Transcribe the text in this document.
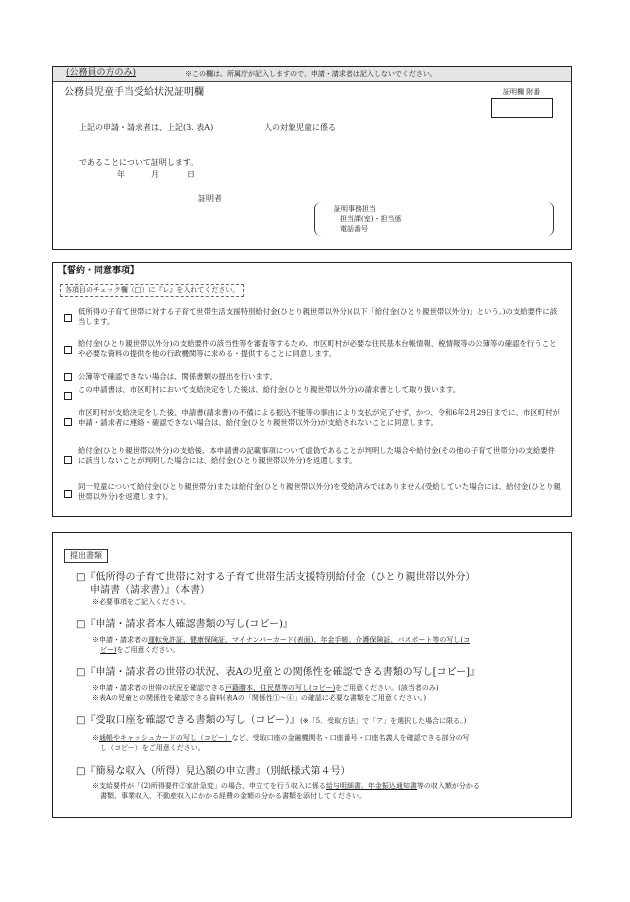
(公務員の方のみ)	※この欄は、所属庁が記入しますので、申請・請求者は記入しないでください。
公務員児童手当受給状況証明欄	証明欄 附番
上記の申請・請求者は、上記(3. 表A)	人の対象児童に係る
であることについて証明します。
年	月	日
証明者
証明事務担当
担当課(室)・担当係
電話番号
【誓約・同意事項】
各項目のチェック欄（□）に『レ』を入れてください。
低所得の子育て世帯に対する子育て世帯生活支援特別給付金(ひとり親世帯以外分)(以下「給付金(ひとり親世帯以外分)」という。)の支給要件に該当します。
給付金(ひとり親世帯以外分)の支給要件の該当性等を審査等するため、市区町村が必要な住民基本台帳情報、税情報等の公簿等の確認を行うことや必要な資料の提供を他の行政機関等に求める・提供することに同意します。
公簿等で確認できない場合は、関係書類の提出を行います。
この申請書は、市区町村において支給決定をした後は、給付金(ひとり親世帯以外分)の請求書として取り扱います。
市区町村が支給決定をした後、申請書(請求書)の不備による振込不能等の事由により支払が完了せず、かつ、令和6年2月29日までに、市区町村が申請・請求者に連絡・確認できない場合は、給付金(ひとり親世帯以外分)が支給されないことに同意します。
給付金(ひとり親世帯以外分)の支給後、本申請書の記載事項について虚偽であることが判明した場合や給付金(その他の子育て世帯分)の支給要件に該当しないことが判明した場合には、給付金(ひとり親世帯以外分)を返還します。
同一児童について給付金(ひとり親世帯分)または給付金(ひとり親世帯以外分)を受給済みではありません(受給していた場合には、給付金(ひとり親世帯以外分)を返還します)。
提出書類
□『低所得の子育て世帯に対する子育て世帯生活支援特別給付金（ひとり親世帯以外分）
申請書（請求書）』（本書）
※必要事項をご記入ください。
□『申請・請求者本人確認書類の写し(コピー)』
※申請・請求者の運転免許証、健康保険証、マイナンバーカード(表面)、年金手帳、介護保険証、パスポート等の写し(コ
ピー)をご用意ください。
□『申請・請求者の世帯の状況、表Aの児童との関係性を確認できる書類の写し[コピー]』
※申請・請求者の世帯の状況を確認できる戸籍謄本、住民票等の写し(コピー)をご用意ください。(該当者のみ)
※表Aの児童との関係性を確認できる資料(表Aの「関係性①～④」の確認に必要な書類をご用意ください。)
□『受取口座を確認できる書類の写し（コピー）』(※「5．受取方法」で「ア」を選択した場合に限る。)
※通帳やキャッシュカードの写し（コピー）など、受取口座の金融機関名・口座番号・口座名義人を確認できる部分の写
し（コピー）をご用意ください。
□『簡易な収入（所得）見込額の申立書』（別紙様式第４号）
※支給要件が「(2)所得要件②家計急変」の場合、申立てを行う収入に係る給与明細書、年金振込通知書等の収入額が分かる
書類、事業収入、不動産収入にかかる経費の金額の分かる書類を添付してください。
